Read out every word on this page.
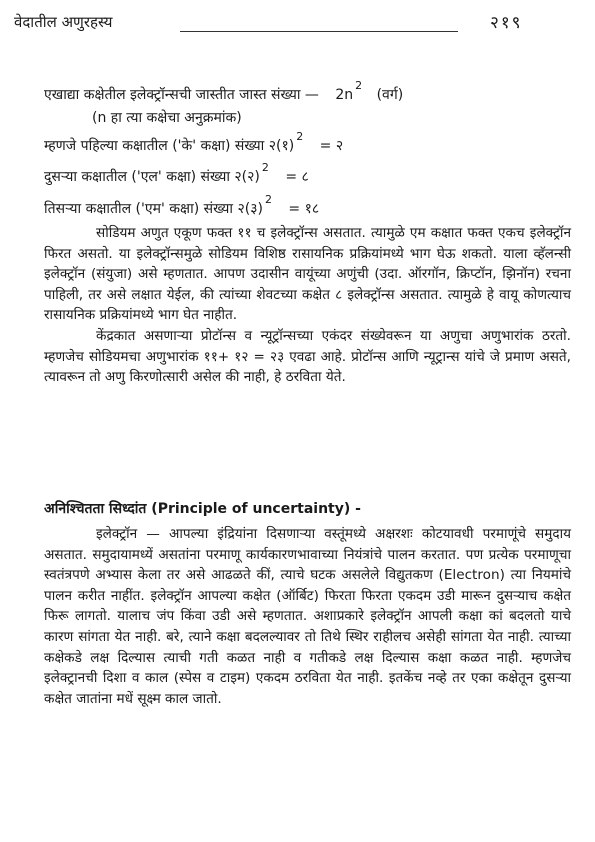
वेदातील अणुरहस्य	२१९
एखाद्या कक्षेतील इलेक्ट्रॉन्सची जास्तीत जास्त संख्या — $2n^2$ (वर्ग)
(n हा त्या कक्षेचा अनुक्रमांक)
म्हणजे पहिल्या कक्षातील ('के' कक्षा) संख्या २(१)$^2$ = २
दुसऱ्या कक्षातील ('एल' कक्षा) संख्या २(२)$^2$ = ८
तिसऱ्या कक्षातील ('एम' कक्षा) संख्या २(३)$^2$ = १८

सोडियम अणुत एकूण फक्त ११ च इलेक्ट्रॉन्स असतात. त्यामुळे एम कक्षात फक्त एकच इलेक्ट्रॉन फिरत असतो. या इलेक्ट्रॉन्समुळे सोडियम विशिष्ठ रासायनिक प्रक्रियांमध्ये भाग घेऊ शकतो. याला व्हॅलन्सी इलेक्ट्रॉन (संयुजा) असे म्हणतात. आपण उदासीन वायूंच्या अणुंची (उदा. ऑरगॉन, क्रिप्टॉन, झिनॉन) रचना पाहिली, तर असे लक्षात येईल, की त्यांच्या शेवटच्या कक्षेत ८ इलेक्ट्रॉन्स असतात. त्यामुळे हे वायू कोणत्याच रासायनिक प्रक्रियांमध्ये भाग घेत नाहीत.

केंद्रकात असणाऱ्या प्रोटॉन्स व न्यूट्रॉन्सच्या एकंदर संख्येवरून या अणुचा अणुभारांक ठरतो. म्हणजेच सोडियमचा अणुभारांक ११+ १२ = २३ एवढा आहे. प्रोटॉन्स आणि न्यूट्रान्स यांचे जे प्रमाण असते, त्यावरून तो अणु किरणोत्सारी असेल की नाही, हे ठरविता येते.

अनिश्चितता सिध्दांत (Principle of uncertainty) -

इलेक्ट्रॉन — आपल्या इंद्रियांना दिसणाऱ्या वस्तूंमध्ये अक्षरशः कोटयावधी परमाणूंचे समुदाय असतात. समुदायामध्यें असतांना परमाणू कार्यकारणभावाच्या नियंत्रांचे पालन करतात. पण प्रत्येक परमाणूचा स्वतंत्रपणे अभ्यास केला तर असे आढळते कीं, त्याचे घटक असलेले विद्युतकण (Electron) त्या नियमांचे पालन करीत नाहींत. इलेक्ट्रॉन आपल्या कक्षेत (ऑर्बिट) फिरता फिरता एकदम उडी मारून दुसऱ्याच कक्षेत फिरू लागतो. यालाच जंप किंवा उडी असे म्हणतात. अशाप्रकारे इलेक्ट्रॉन आपली कक्षा कां बदलतो याचे कारण सांगता येत नाही. बरे, त्याने कक्षा बदलल्यावर तो तिथे स्थिर राहीलच असेही सांगता येत नाही. त्याच्या कक्षेकडे लक्ष दिल्यास त्याची गती कळत नाही व गतीकडे लक्ष दिल्यास कक्षा कळत नाही. म्हणजेच इलेक्ट्रानची दिशा व काल (स्पेस व टाइम) एकदम ठरविता येत नाही. इतकेंच नव्हे तर एका कक्षेतून दुसऱ्या कक्षेत जातांना मधें सूक्ष्म काल जातो.
